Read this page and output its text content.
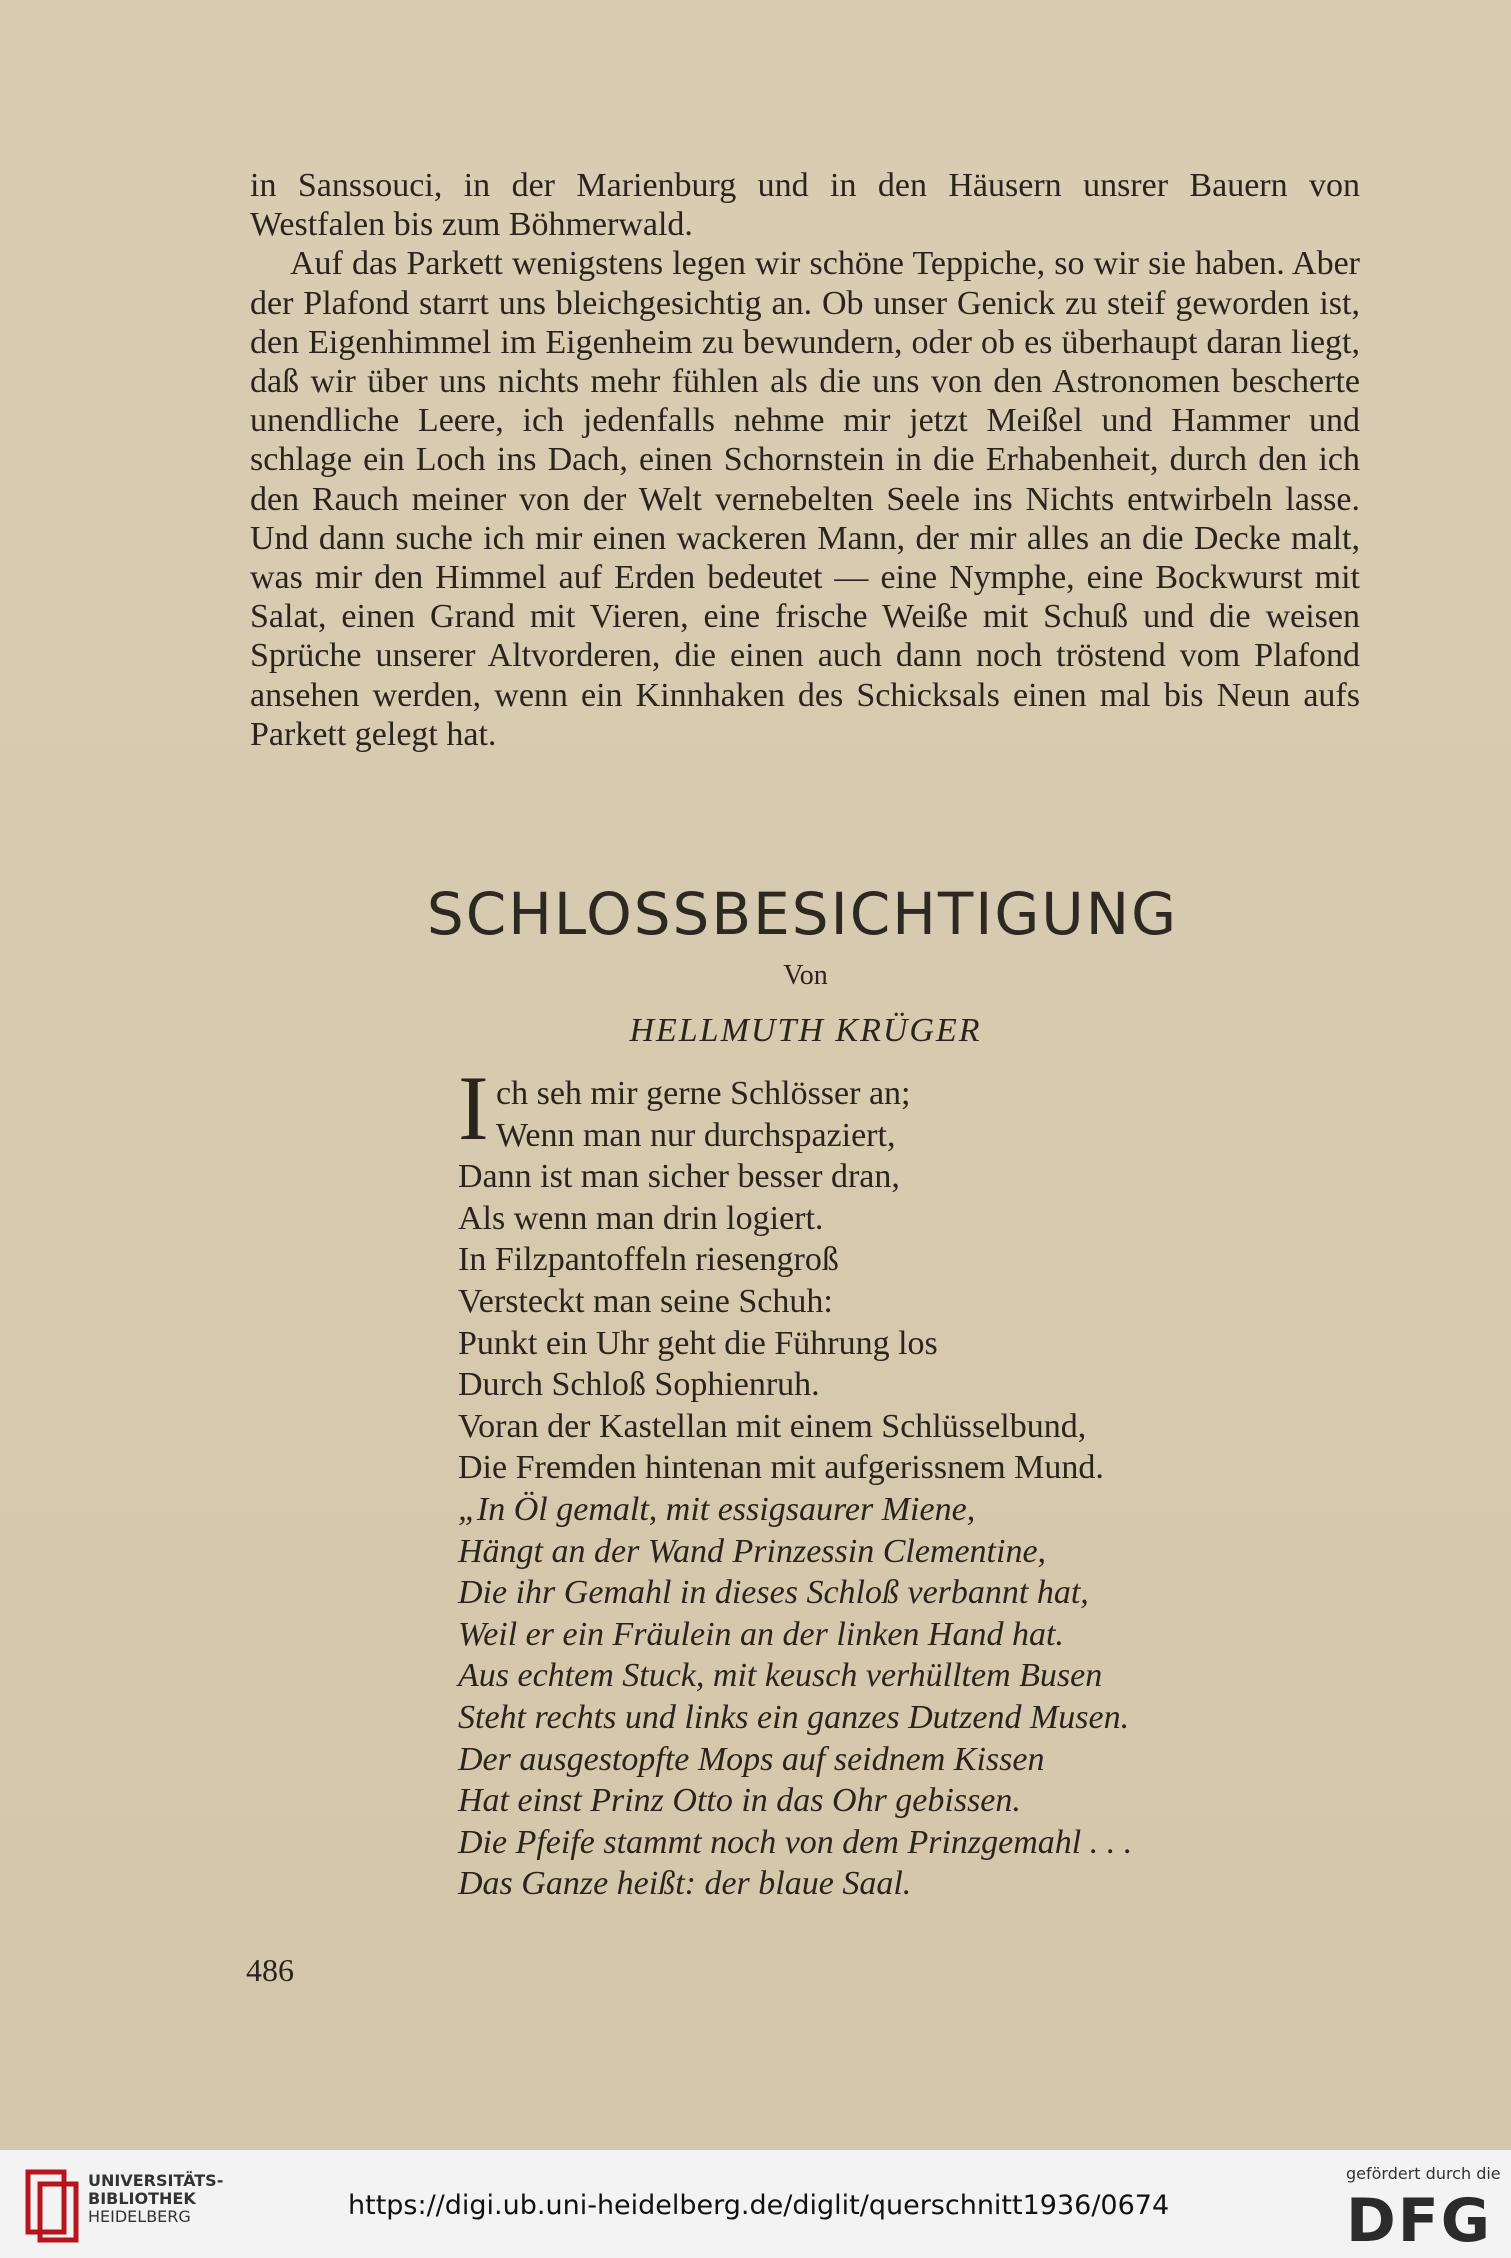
in Sanssouci, in der Marienburg und in den Häusern unsrer Bauern von Westfalen bis zum Böhmerwald.

Auf das Parkett wenigstens legen wir schöne Teppiche, so wir sie haben. Aber der Plafond starrt uns bleichgesichtig an. Ob unser Genick zu steif geworden ist, den Eigenhimmel im Eigenheim zu bewundern, oder ob es überhaupt daran liegt, daß wir über uns nichts mehr fühlen als die uns von den Astronomen bescherte unendliche Leere, ich jedenfalls nehme mir jetzt Meißel und Hammer und schlage ein Loch ins Dach, einen Schornstein in die Erhabenheit, durch den ich den Rauch meiner von der Welt vernebelten Seele ins Nichts entwirbeln lasse. Und dann suche ich mir einen wackeren Mann, der mir alles an die Decke malt, was mir den Himmel auf Erden bedeutet — eine Nymphe, eine Bockwurst mit Salat, einen Grand mit Vieren, eine frische Weiße mit Schuß und die weisen Sprüche unserer Altvorderen, die einen auch dann noch tröstend vom Plafond ansehen werden, wenn ein Kinnhaken des Schicksals einen mal bis Neun aufs Parkett gelegt hat.

SCHLOSSBESICHTIGUNG
Von
HELLMUTH KRÜGER
I ch seh mir gerne Schlösser an;
Wenn man nur durchspaziert,
Dann ist man sicher besser dran,
Als wenn man drin logiert.
In Filzpantoffeln riesengroß
Versteckt man seine Schuh:
Punkt ein Uhr geht die Führung los
Durch Schloß Sophienruh.
Voran der Kastellan mit einem Schlüsselbund,
Die Fremden hintenan mit aufgerissnem Mund.
„In Öl gemalt, mit essigsaurer Miene,
Hängt an der Wand Prinzessin Clementine,
Die ihr Gemahl in dieses Schloß verbannt hat,
Weil er ein Fräulein an der linken Hand hat.
Aus echtem Stuck, mit keusch verhülltem Busen
Steht rechts und links ein ganzes Dutzend Musen.
Der ausgestopfte Mops auf seidnem Kissen
Hat einst Prinz Otto in das Ohr gebissen.
Die Pfeife stammt noch von dem Prinzgemahl . . .
Das Ganze heißt: der blaue Saal.
486
UNIVERSITÄTS-
BIBLIOTHEK
HEIDELBERG	https://digi.ub.uni-heidelberg.de/diglit/querschnitt1936/0674
gefördert durch die
DFG
